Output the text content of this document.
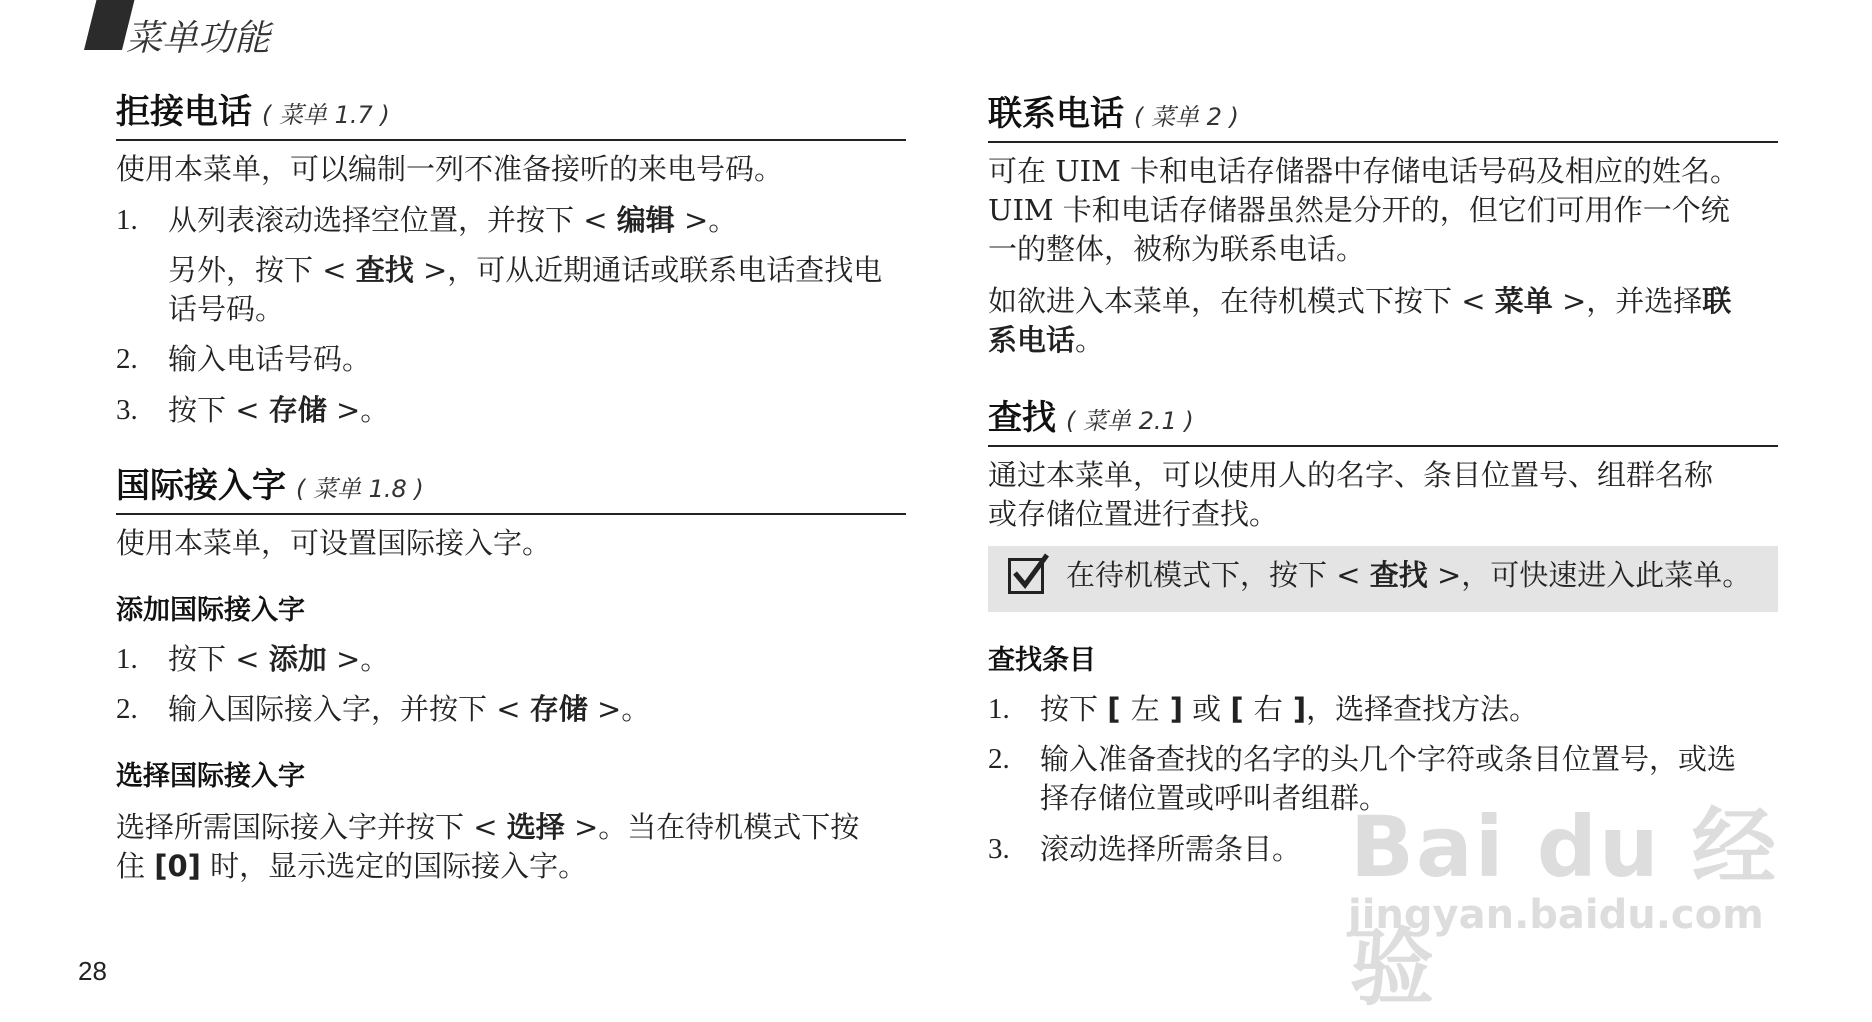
菜单功能
拒接电话 ( 菜单 1.7 )
使用本菜单，可以编制一列不准备接听的来电号码。
1. 从列表滚动选择空位置，并按下 < 编辑 >。
另外，按下 < 查找 >，可从近期通话或联系电话查找电
话号码。
2. 输入电话号码。
3. 按下 < 存储 >。
国际接入字 ( 菜单 1.8 )
使用本菜单，可设置国际接入字。
添加国际接入字
1. 按下 < 添加 >。
2. 输入国际接入字，并按下 < 存储 >。
选择国际接入字
选择所需国际接入字并按下 < 选择 >。当在待机模式下按
住 [0] 时，显示选定的国际接入字。
联系电话 ( 菜单 2 )
可在 UIM 卡和电话存储器中存储电话号码及相应的姓名。
UIM 卡和电话存储器虽然是分开的，但它们可用作一个统
一的整体，被称为联系电话。
如欲进入本菜单，在待机模式下按下 < 菜单 >，并选择联
系电话。
查找 ( 菜单 2.1 )
通过本菜单，可以使用人的名字、条目位置号、组群名称
或存储位置进行查找。
在待机模式下，按下 < 查找 >，可快速进入此菜单。
查找条目
1. 按下 [ 左 ] 或 [ 右 ]，选择查找方法。
2. 输入准备查找的名字的头几个字符或条目位置号，或选
择存储位置或呼叫者组群。
3. 滚动选择所需条目。 Bai du 经验
jingyan.baidu.com
28
